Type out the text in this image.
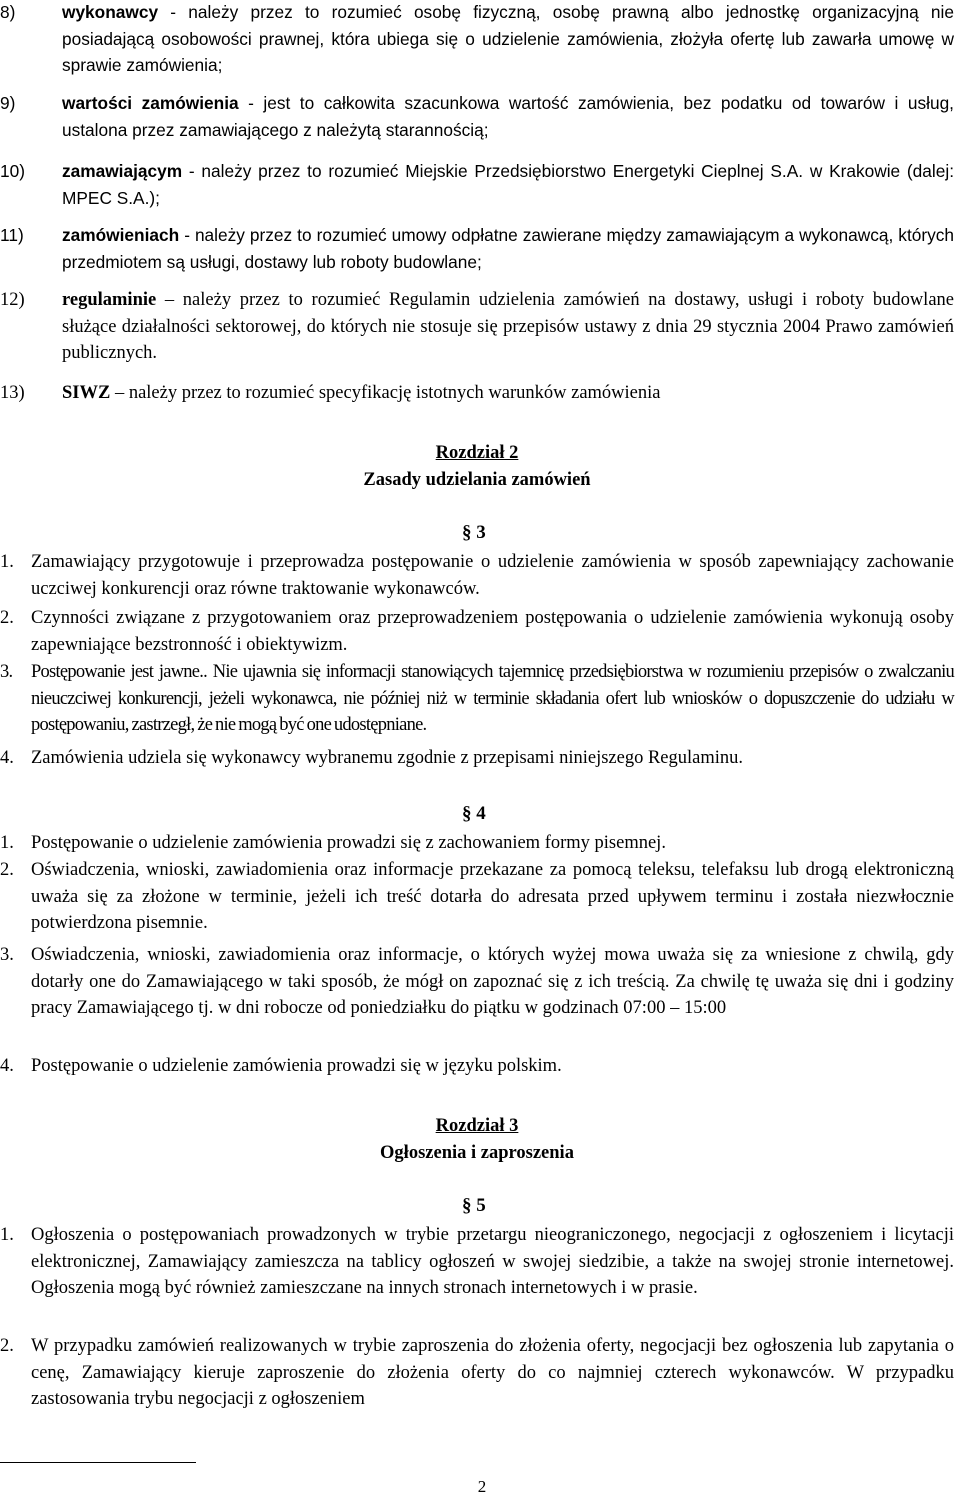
8)	wykonawcy - należy przez to rozumieć osobę fizyczną, osobę prawną albo jednostkę organizacyjną nie posiadającą osobowości prawnej, która ubiega się o udzielenie zamówienia, złożyła ofertę lub zawarła umowę w sprawie zamówienia;
9)	wartości zamówienia - jest to całkowita szacunkowa wartość zamówienia, bez podatku od towarów i usług, ustalona przez zamawiającego z należytą starannością;
10)	zamawiającym - należy przez to rozumieć Miejskie Przedsiębiorstwo Energetyki Cieplnej S.A. w Krakowie (dalej: MPEC S.A.);
11)	zamówieniach - należy przez to rozumieć umowy odpłatne zawierane między zamawiającym a wykonawcą, których przedmiotem są usługi, dostawy lub roboty budowlane;
12)	regulaminie – należy przez to rozumieć Regulamin udzielenia zamówień na dostawy, usługi i roboty budowlane służące działalności sektorowej, do których nie stosuje się przepisów ustawy z dnia 29 stycznia 2004 Prawo zamówień publicznych.
13)	SIWZ – należy przez to rozumieć specyfikację istotnych warunków zamówienia
Rozdział 2
Zasady udzielania zamówień
§ 3
1. Zamawiający przygotowuje i przeprowadza postępowanie o udzielenie zamówienia w sposób zapewniający zachowanie uczciwej konkurencji oraz równe traktowanie wykonawców.
2. Czynności związane z przygotowaniem oraz przeprowadzeniem postępowania o udzielenie zamówienia wykonują osoby zapewniające bezstronność i obiektywizm.
3.	Postępowanie jest jawne.. Nie ujawnia się informacji stanowiących tajemnicę przedsiębiorstwa w rozumieniu przepisów o zwalczaniu nieuczciwej konkurencji, jeżeli wykonawca, nie później niż w terminie składania ofert lub wniosków o dopuszczenie do udziału w postępowaniu, zastrzegł, że nie mogą być one udostępniane.
4. Zamówienia udziela się wykonawcy wybranemu zgodnie z przepisami niniejszego Regulaminu.
§ 4
1. Postępowanie o udzielenie zamówienia prowadzi się z zachowaniem formy pisemnej.
2. Oświadczenia, wnioski, zawiadomienia oraz informacje przekazane za pomocą teleksu, telefaksu lub drogą elektroniczną uważa się za złożone w terminie, jeżeli ich treść dotarła do adresata przed upływem terminu i została niezwłocznie potwierdzona pisemnie.
3. Oświadczenia, wnioski, zawiadomienia oraz informacje, o których wyżej mowa uważa się za wniesione z chwilą, gdy dotarły one do Zamawiającego w taki sposób, że mógł on zapoznać się z ich treścią. Za chwilę tę uważa się dni i godziny pracy Zamawiającego tj. w dni robocze od poniedziałku do piątku w godzinach 07:00 – 15:00
4. Postępowanie o udzielenie zamówienia prowadzi się w języku polskim.
Rozdział 3
Ogłoszenia i zaproszenia
§ 5
1. Ogłoszenia o postępowaniach prowadzonych w trybie przetargu nieograniczonego, negocjacji z ogłoszeniem i licytacji elektronicznej, Zamawiający zamieszcza na tablicy ogłoszeń w swojej siedzibie, a także na swojej stronie internetowej. Ogłoszenia mogą być również zamieszczane na innych stronach internetowych i w prasie.
2. W przypadku zamówień realizowanych w trybie zaproszenia do złożenia oferty, negocjacji bez ogłoszenia lub zapytania o cenę, Zamawiający kieruje zaproszenie do złożenia oferty do co najmniej czterech wykonawców. W przypadku zastosowania trybu negocjacji z ogłoszeniem
2
